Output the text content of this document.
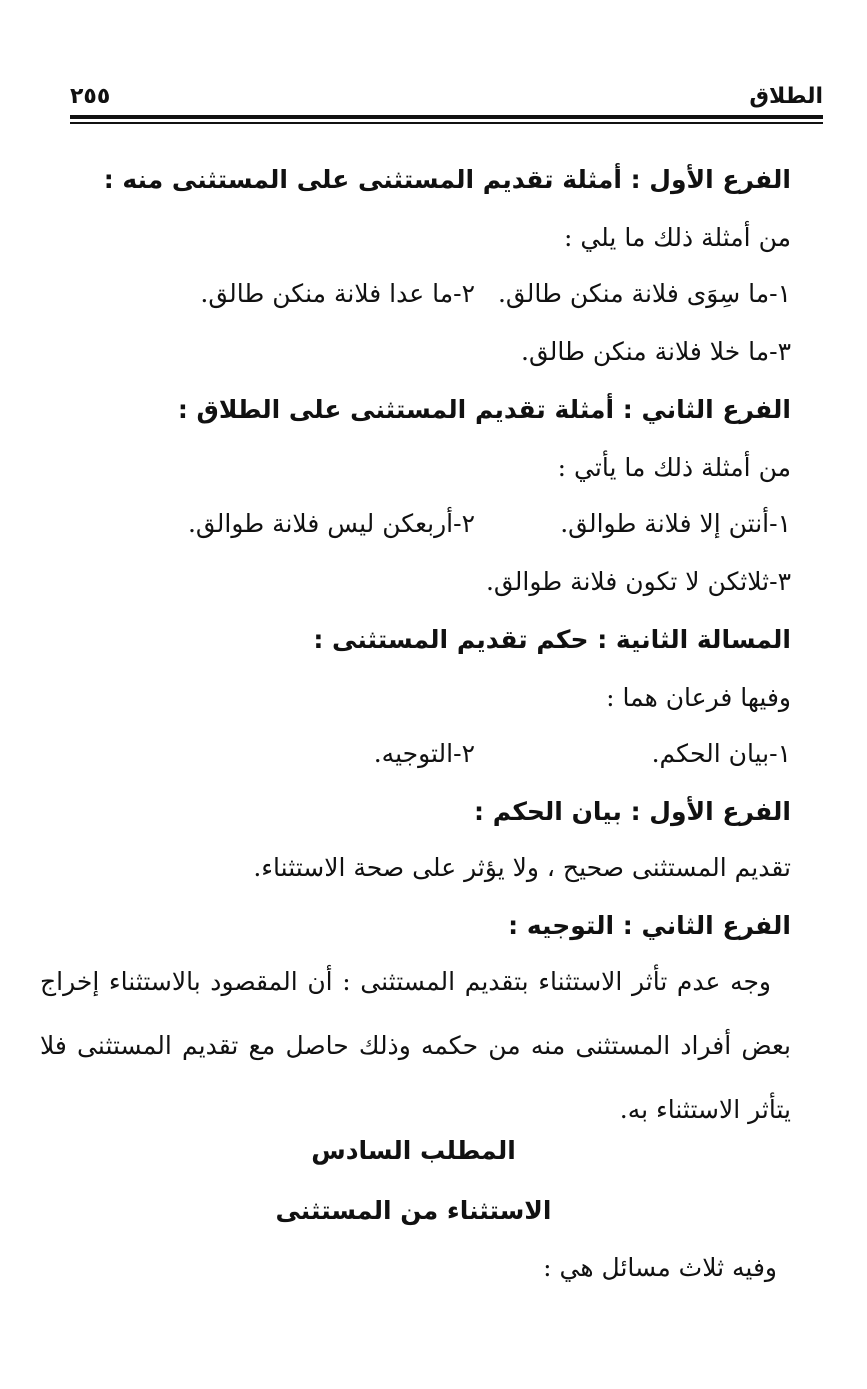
الطلاق
٢٥٥
الفرع الأول : أمثلة تقديم المستثنى على المستثنى منه :
من أمثلة ذلك ما يلي :
١-ما سِوَى فلانة منكن طالق.
٢-ما عدا فلانة منكن طالق.
٣-ما خلا فلانة منكن طالق.
الفرع الثاني : أمثلة تقديم المستثنى على الطلاق :
من أمثلة ذلك ما يأتي :
١-أنتن إلا فلانة طوالق.
٢-أربعكن ليس فلانة طوالق.
٣-ثلاثكن لا تكون فلانة طوالق.
المسالة الثانية : حكم تقديم المستثنى :
وفيها فرعان هما :
١-بيان الحكم.
٢-التوجيه.
الفرع الأول : بيان الحكم :
تقديم المستثنى صحيح ، ولا يؤثر على صحة الاستثناء.
الفرع الثاني : التوجيه :
وجه عدم تأثر الاستثناء بتقديم المستثنى : أن المقصود بالاستثناء إخراج بعض أفراد المستثنى منه من حكمه وذلك حاصل مع تقديم المستثنى فلا يتأثر الاستثناء به.
المطلب السادس
الاستثناء من المستثنى
وفيه ثلاث مسائل هي :
